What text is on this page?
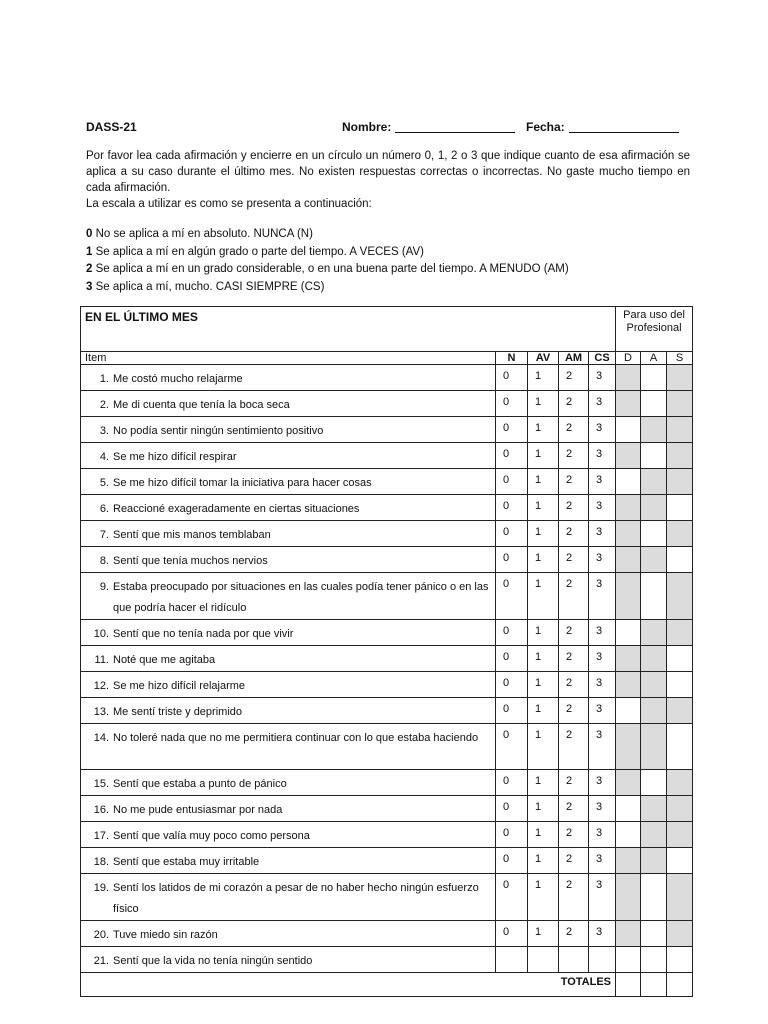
DASS-21	Nombre:	Fecha:

Por favor lea cada afirmación y encierre en un círculo un número 0, 1, 2 o 3 que indique cuanto de esa afirmación se aplica a su caso durante el último mes. No existen respuestas correctas o incorrectas. No gaste mucho tiempo en cada afirmación.

La escala a utilizar es como se presenta a continuación:

0 No se aplica a mí en absoluto. NUNCA (N)
1 Se aplica a mí en algún grado o parte del tiempo. A VECES (AV)
2 Se aplica a mí en un grado considerable, o en una buena parte del tiempo. A MENUDO (AM)
3 Se aplica a mí, mucho. CASI SIEMPRE (CS)
EN EL ÚLTIMO MES					Para uso del Profesional		
Item	N	AV	AM	CS	D	A	S

1. Me costó mucho relajarme	0	1	2	3			

2. Me di cuenta que tenía la boca seca	0	1	2	3			

3. No podía sentir ningún sentimiento positivo	0	1	2	3			

4. Se me hizo difícil respirar	0	1	2	3			

5. Se me hizo difícil tomar la iniciativa para hacer cosas	0	1	2	3			

6. Reaccioné exageradamente en ciertas situaciones	0	1	2	3			

7. Sentí que mis manos temblaban	0	1	2	3			

8. Sentí que tenía muchos nervios	0	1	2	3			

9. Estaba preocupado por situaciones en las cuales podía tener pánico o en las que podría hacer el ridículo	0	1	2	3			

10. Sentí que no tenía nada por que vivir	0	1	2	3			

11. Noté que me agitaba	0	1	2	3			

12. Se me hizo difícil relajarme	0	1	2	3			

13. Me sentí triste y deprimido	0	1	2	3			

14. No toleré nada que no me permitiera continuar con lo que estaba haciendo	0	1	2	3			

15. Sentí que estaba a punto de pánico	0	1	2	3			

16. No me pude entusiasmar por nada	0	1	2	3			

17. Sentí que valía muy poco como persona	0	1	2	3			

18. Sentí que estaba muy irritable	0	1	2	3			

19. Sentí los latidos de mi corazón a pesar de no haber hecho ningún esfuerzo físico	0	1	2	3			

20. Tuve miedo sin razón	0	1	2	3			

21. Sentí que la vida no tenía ningún sentido							

TOTALES							
